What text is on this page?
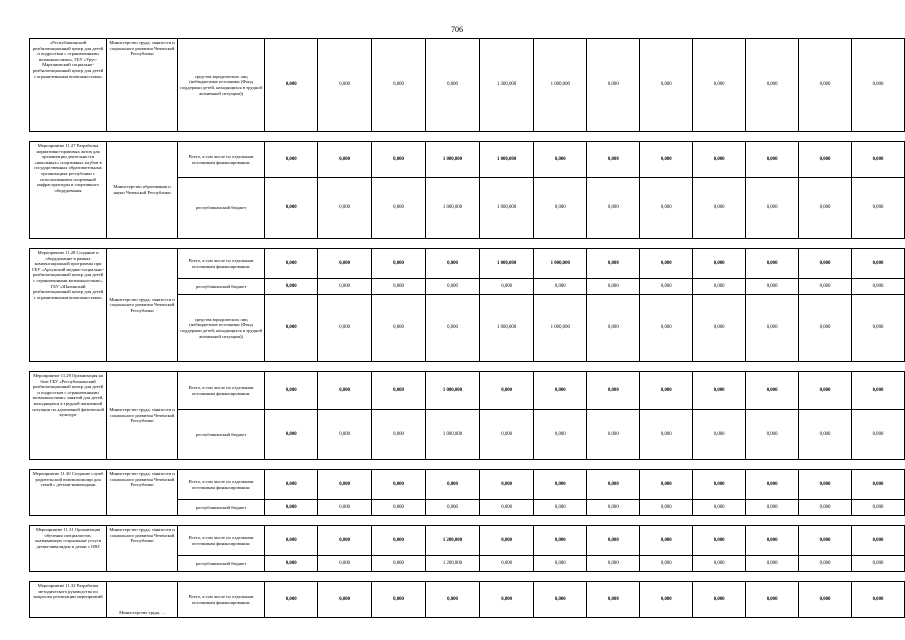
706
«Республиканский реабилитационный центр для детей и подростков с ограниченными возможностями», ГБУ «Урус-Мартановский социально-реабилитационный центр для детей с ограниченными возможностями»	Министерство труда, занятости и социального развития Чеченской Республики	средства юридических лиц (небюджетные источники (Фонд поддержки детей, находящихся в трудной жизненной ситуации))	0,000	0,000	0,000	0,000	1 300,000	1 000,000	0,000	0,000	0,000	0,000	0,000	0,000

Мероприятие 11.27 Разработка нормативно-правовых актов для организации деятельности «школьных» спортивных клубов в государственных образовательных организациях республики с использованием спортивной инфраструктуры и спортивного оборудования	Министерство образования и науки Чеченской Республики	Всего, в том числе по отдельным источникам финансирования:	0,000	0,000	0,000	1 000,000	1 000,000	0,000	0,000	0,000	0,000	0,000	0,000	0,000
		республиканский бюджет	0,000	0,000	0,000	1 000,000	1 000,000	0,000	0,000	0,000	0,000	0,000	0,000	0,000

Мероприятие 11.28 Создание и оборудование в рамках компенсационной программы при ГБУ «Аргунский медико-социально-реабилитационный центр для детей с ограниченными возможностями», ГБУ «Шалинский реабилитационный центр для детей с ограниченными возможностями»	Министерство труда, занятости и социального развития Чеченской Республики	Всего, в том числе по отдельным источникам финансирования:	0,000	0,000	0,000	0,000	1 000,000	1 000,000	0,000	0,000	0,000	0,000	0,000	0,000
		республиканский бюджет	0,000	0,000	0,000	0,000	0,000	0,000	0,000	0,000	0,000	0,000	0,000	0,000
		средства юридических лиц (небюджетные источники (Фонд поддержки детей, находящихся в трудной жизненной ситуации))	0,000	0,000	0,000	0,000	1 000,000	1 000,000	0,000	0,000	0,000	0,000	0,000	0,000

Мероприятие 11.29 Организация на базе ГБУ «Республиканский реабилитационный центр для детей и подростков с ограниченными возможностями» занятий для детей, находящихся в трудной жизненной ситуации по адаптивной физической культуре	Министерство труда, занятости и социального развития Чеченской Республики	Всего, в том числе по отдельным источникам финансирования:	0,000	0,000	0,000	1 000,000	0,000	0,000	0,000	0,000	0,000	0,000	0,000	0,000
		республиканский бюджет	0,000	0,000	0,000	1 000,000	0,000	0,000	0,000	0,000	0,000	0,000	0,000	0,000

Мероприятие 11.30 Создание служб родительской взаимопомощи для семей с детьми-инвалидами	Министерство труда, занятости и социального развития Чеченской Республики	Всего, в том числе по отдельным источникам финансирования:	0,000	0,000	0,000	0,000	0,000	0,000	0,000	0,000	0,000	0,000	0,000	0,000
		республиканский бюджет	0,000	0,000	0,000	0,000	0,000	0,000	0,000	0,000	0,000	0,000	0,000	0,000

Мероприятие 11.31 Организация обучения специалистов, оказывающих социальные услуги детям-инвалидам и детям с ОВЗ	Министерство труда, занятости и социального развития Чеченской Республики	Всего, в том числе по отдельным источникам финансирования:	0,000	0,000	0,000	1 200,000	0,000	0,000	0,000	0,000	0,000	0,000	0,000	0,000
		республиканский бюджет	0,000	0,000	0,000	1 200,000	0,000	0,000	0,000	0,000	0,000	0,000	0,000	0,000

Мероприятие 11.32 Разработка методического руководства по вопросам реализации мероприятий	Министерство труда, ...	Всего, в том числе по отдельным источникам финансирования:	0,000	0,000	0,000	0,000	0,000	0,000	0,000	0,000	0,000	0,000	0,000	0,000
